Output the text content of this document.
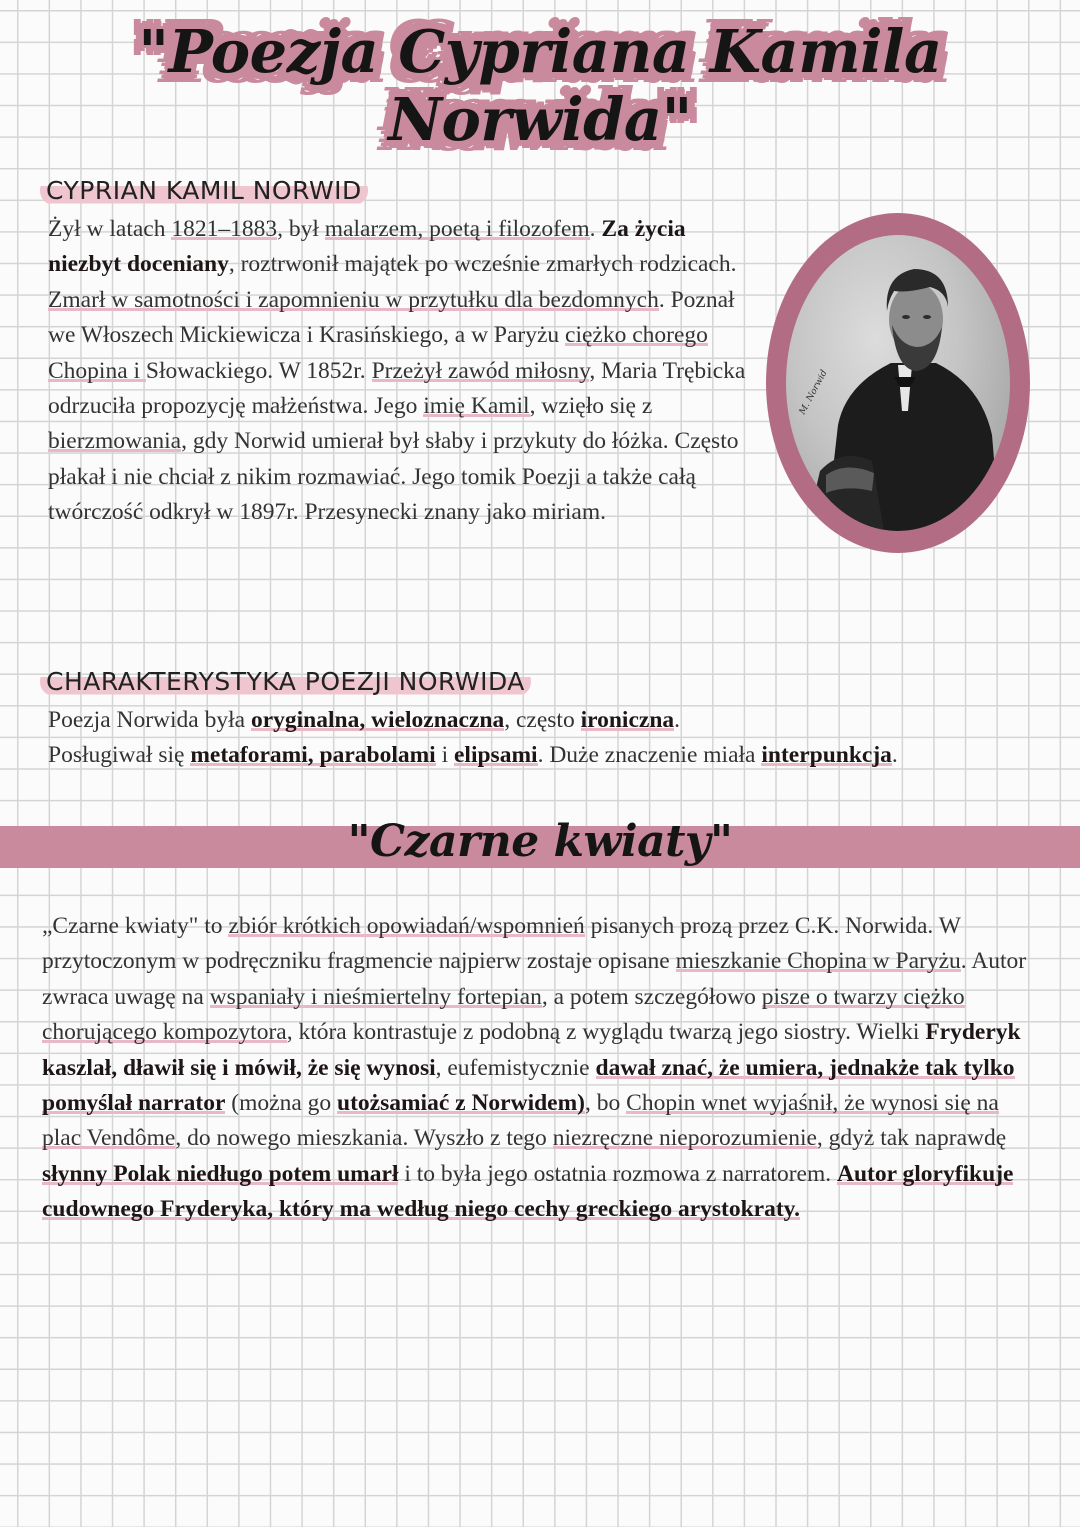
"Poezja Cypriana Kamila Norwida"
CYPRIAN KAMIL NORWID

Żył w latach 1821–1883, był malarzem, poetą i filozofem. Za życia niezbyt doceniany, roztrwonił majątek po wcześnie zmarłych rodzicach. Zmarł w samotności i zapomnieniu w przytułku dla bezdomnych. Poznał we Włoszech Mickiewicza i Krasińskiego, a w Paryżu ciężko chorego Chopina i Słowackiego. W 1852r. Przeżył zawód miłosny, Maria Trębicka odrzuciła propozycję małżeństwa. Jego imię Kamil, wzięło się z bierzmowania, gdy Norwid umierał był słaby i przykuty do łóżka. Często płakał i nie chciał z nikim rozmawiać. Jego tomik Poezji a także całą twórczość odkrył w 1897r. Przesynecki znany jako miriam.

M. Norwid
CHARAKTERYSTYKA POEZJI NORWIDA

Poezja Norwida była oryginalna, wieloznaczna, często ironiczna.
Posługiwał się metaforami, parabolami i elipsami. Duże znaczenie miała interpunkcja.

"Czarne kwiaty"

„Czarne kwiaty" to zbiór krótkich opowiadań/wspomnień pisanych prozą przez C.K. Norwida. W przytoczonym w podręczniku fragmencie najpierw zostaje opisane mieszkanie Chopina w Paryżu. Autor zwraca uwagę na wspaniały i nieśmiertelny fortepian, a potem szczegółowo pisze o twarzy ciężko chorującego kompozytora, która kontrastuje z podobną z wyglądu twarzą jego siostry. Wielki Fryderyk kaszlał, dławił się i mówił, że się wynosi, eufemistycznie dawał znać, że umiera, jednakże tak tylko pomyślał narrator (można go utożsamiać z Norwidem), bo Chopin wnet wyjaśnił, że wynosi się na plac Vendôme, do nowego mieszkania. Wyszło z tego niezręczne nieporozumienie, gdyż tak naprawdę słynny Polak niedługo potem umarł i to była jego ostatnia rozmowa z narratorem. Autor gloryfikuje cudownego Fryderyka, który ma według niego cechy greckiego arystokraty.
